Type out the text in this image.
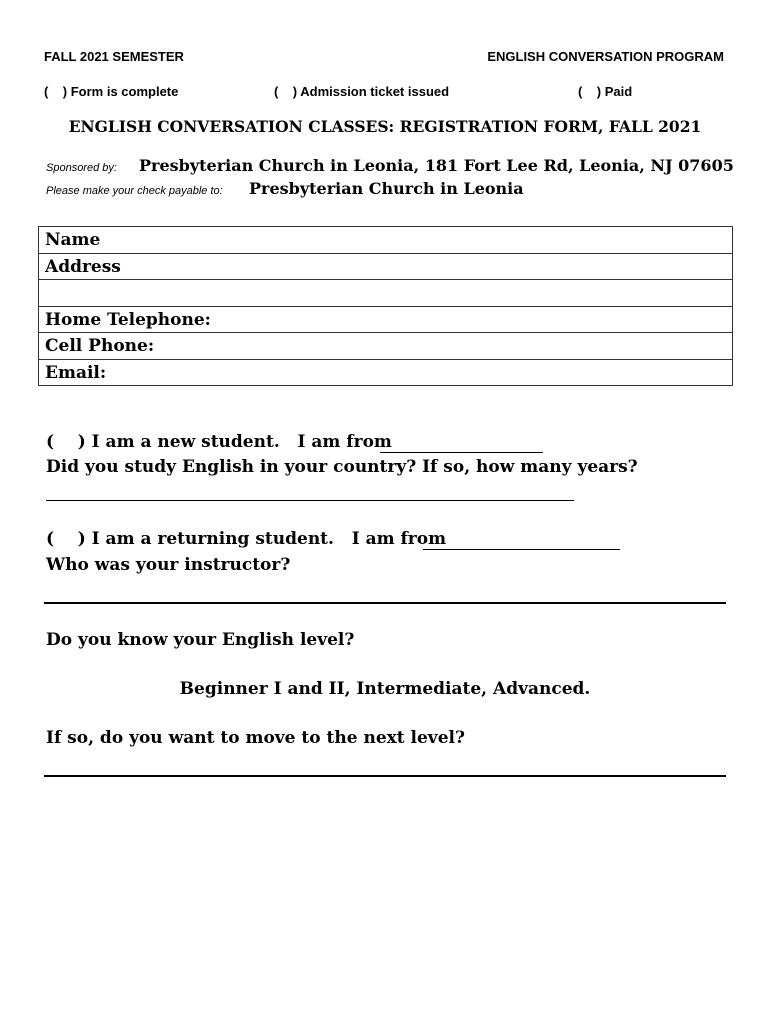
FALL 2021 SEMESTER	ENGLISH CONVERSATION PROGRAM
(    ) Form is complete	(    ) Admission ticket issued	(    ) Paid
ENGLISH CONVERSATION CLASSES: REGISTRATION FORM, FALL 2021
Sponsored by: Presbyterian Church in Leonia, 181 Fort Lee Rd, Leonia, NJ 07605
Please make your check payable to: Presbyterian Church in Leonia
Name
Address
Home Telephone:
Cell Phone:
Email:
(    ) I am a new student.   I am from
Did you study English in your country? If so, how many years?
(    ) I am a returning student.   I am from
Who was your instructor?
Do you know your English level?
Beginner I and II, Intermediate, Advanced.
If so, do you want to move to the next level?
